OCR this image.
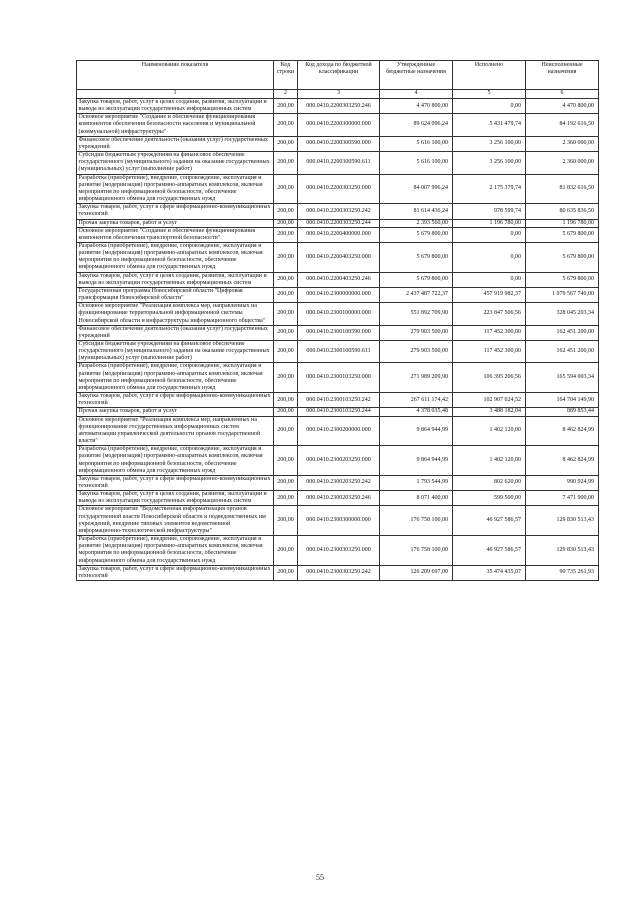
Наименование показателя	Код строки	Код дохода по бюджетной классификации	Утвержденные бюджетные назначения	Исполнено	Неисполненные назначения
1	2	3	4	5	6
Закупка товаров, работ, услуг в целях создания, развития, эксплуатации и вывода из эксплуатации государственных информационных систем	200,00	000.0410.2200303250.246	4 470 800,00	0,00	4 470 800,00
Основное мероприятие "Создание и обеспечение функционирования компонентов обеспечения безопасности населения и муниципальной (коммунальной) инфраструктуры"	200,00	000.0410.2200300000.000	89 624 096,24	5 431 479,74	84 192 616,50
Финансовое обеспечение деятельности (оказания услуг) государственных учреждений	200,00	000.0410.2200300590.000	5 616 100,00	3 256 100,00	2 360 000,00
Субсидии бюджетным учреждениям на финансовое обеспечение государственного (муниципального) задания на оказание государственных (муниципальных) услуг (выполнение работ)	200,00	000.0410.2200300590.611	5 616 100,00	3 256 100,00	2 360 000,00
Разработка (приобретение), внедрение, сопровождение, эксплуатация и развитие (модернизация) программно-аппаратных комплексов, включая мероприятия по информационной безопасности, обеспечение информационного обмена для государственных нужд	200,00	000.0410.2200303250.000	84 007 996,24	2 175 379,74	81 832 616,50
Закупка товаров, работ, услуг в сфере информационно-коммуникационных технологий	200,00	000.0410.2200303250.242	81 614 436,24	978 599,74	80 635 836,50
Прочая закупка товаров, работ и услуг	200,00	000.0410.2200303250.244	2 393 560,00	1 196 780,00	1 196 780,00
Основное мероприятие "Создание и обеспечение функционирования компонентов обеспечения транспортной безопасности"	200,00	000.0410.2200400000.000	5 679 800,00	0,00	5 679 800,00
Разработка (приобретение), внедрение, сопровождение, эксплуатация и развитие (модернизация) программно-аппаратных комплексов, включая мероприятия по информационной безопасности, обеспечение информационного обмена для государственных нужд	200,00	000.0410.2200403250.000	5 679 800,00	0,00	5 679 800,00
Закупка товаров, работ, услуг в целях создания, развития, эксплуатации и вывода из эксплуатации государственных информационных систем	200,00	000.0410.2200403250.246	5 679 800,00	0,00	5 679 800,00
Государственная программа Новосибирской области "Цифровая трансформация Новосибирской области"	200,00	000.0410.2300000000.000	2 437 487 722,37	457 919 982,37	1 979 567 740,00
Основное мероприятие "Реализация комплекса мер, направленных на функционирование территориальной информационной системы Новосибирской области и инфраструктуры информационного общества"	200,00	000.0410.2300100000.000	551 892 709,90	223 847 506,56	328 045 203,34
Финансовое обеспечение деятельности (оказания услуг) государственных учреждений	200,00	000.0410.2300100590.000	279 903 500,00	117 452 300,00	162 451 200,00
Субсидии бюджетным учреждениям на финансовое обеспечение государственного (муниципального) задания на оказание государственных (муниципальных) услуг (выполнение работ)	200,00	000.0410.2300100590.611	279 903 500,00	117 452 300,00	162 451 200,00
Разработка (приобретение), внедрение, сопровождение, эксплуатация и развитие (модернизация) программно-аппаратных комплексов, включая мероприятия по информационной безопасности, обеспечение информационного обмена для государственных нужд	200,00	000.0410.2300103250.000	271 989 209,90	106 395 206,56	165 594 003,34
Закупка товаров, работ, услуг в сфере информационно-коммуникационных технологий	200,00	000.0410.2300103250.242	267 611 174,42	102 907 024,52	164 704 149,90
Прочая закупка товаров, работ и услуг	200,00	000.0410.2300103250.244	4 378 035,48	3 488 182,04	889 853,44
Основное мероприятие "Реализация комплекса мер, направленных на функционирование государственных информационных систем автоматизации управленческой деятельности органов государственной власти"	200,00	000.0410.2300200000.000	9 864 944,99	1 402 120,00	8 462 824,99
Разработка (приобретение), внедрение, сопровождение, эксплуатация и развитие (модернизация) программно-аппаратных комплексов, включая мероприятия по информационной безопасности, обеспечение информационного обмена для государственных нужд	200,00	000.0410.2300203250.000	9 864 944,99	1 402 120,00	8 462 824,99
Закупка товаров, работ, услуг в сфере информационно-коммуникационных технологий	200,00	000.0410.2300203250.242	1 793 544,99	802 620,00	990 924,99
Закупка товаров, работ, услуг в целях создания, развития, эксплуатации и вывода из эксплуатации государственных информационных систем	200,00	000.0410.2300203250.246	8 071 400,00	599 500,00	7 471 900,00
Основное мероприятие "Ведомственная информатизация органов государственной власти Новосибирской области и подведомственных им учреждений, внедрение типовых элементов ведомственной информационно-технологической инфраструктуры"	200,00	000.0410.2300300000.000	176 758 100,00	46 927 586,57	129 830 513,43
Разработка (приобретение), внедрение, сопровождение, эксплуатация и развитие (модернизация) программно-аппаратных комплексов, включая мероприятия по информационной безопасности, обеспечение информационного обмена для государственных нужд	200,00	000.0410.2300303250.000	176 758 100,00	46 927 586,57	129 830 513,43
Закупка товаров, работ, услуг в сфере информационно-коммуникационных технологий	200,00	000.0410.2300303250.242	126 209 697,00	35 474 435,07	90 735 261,93
55
